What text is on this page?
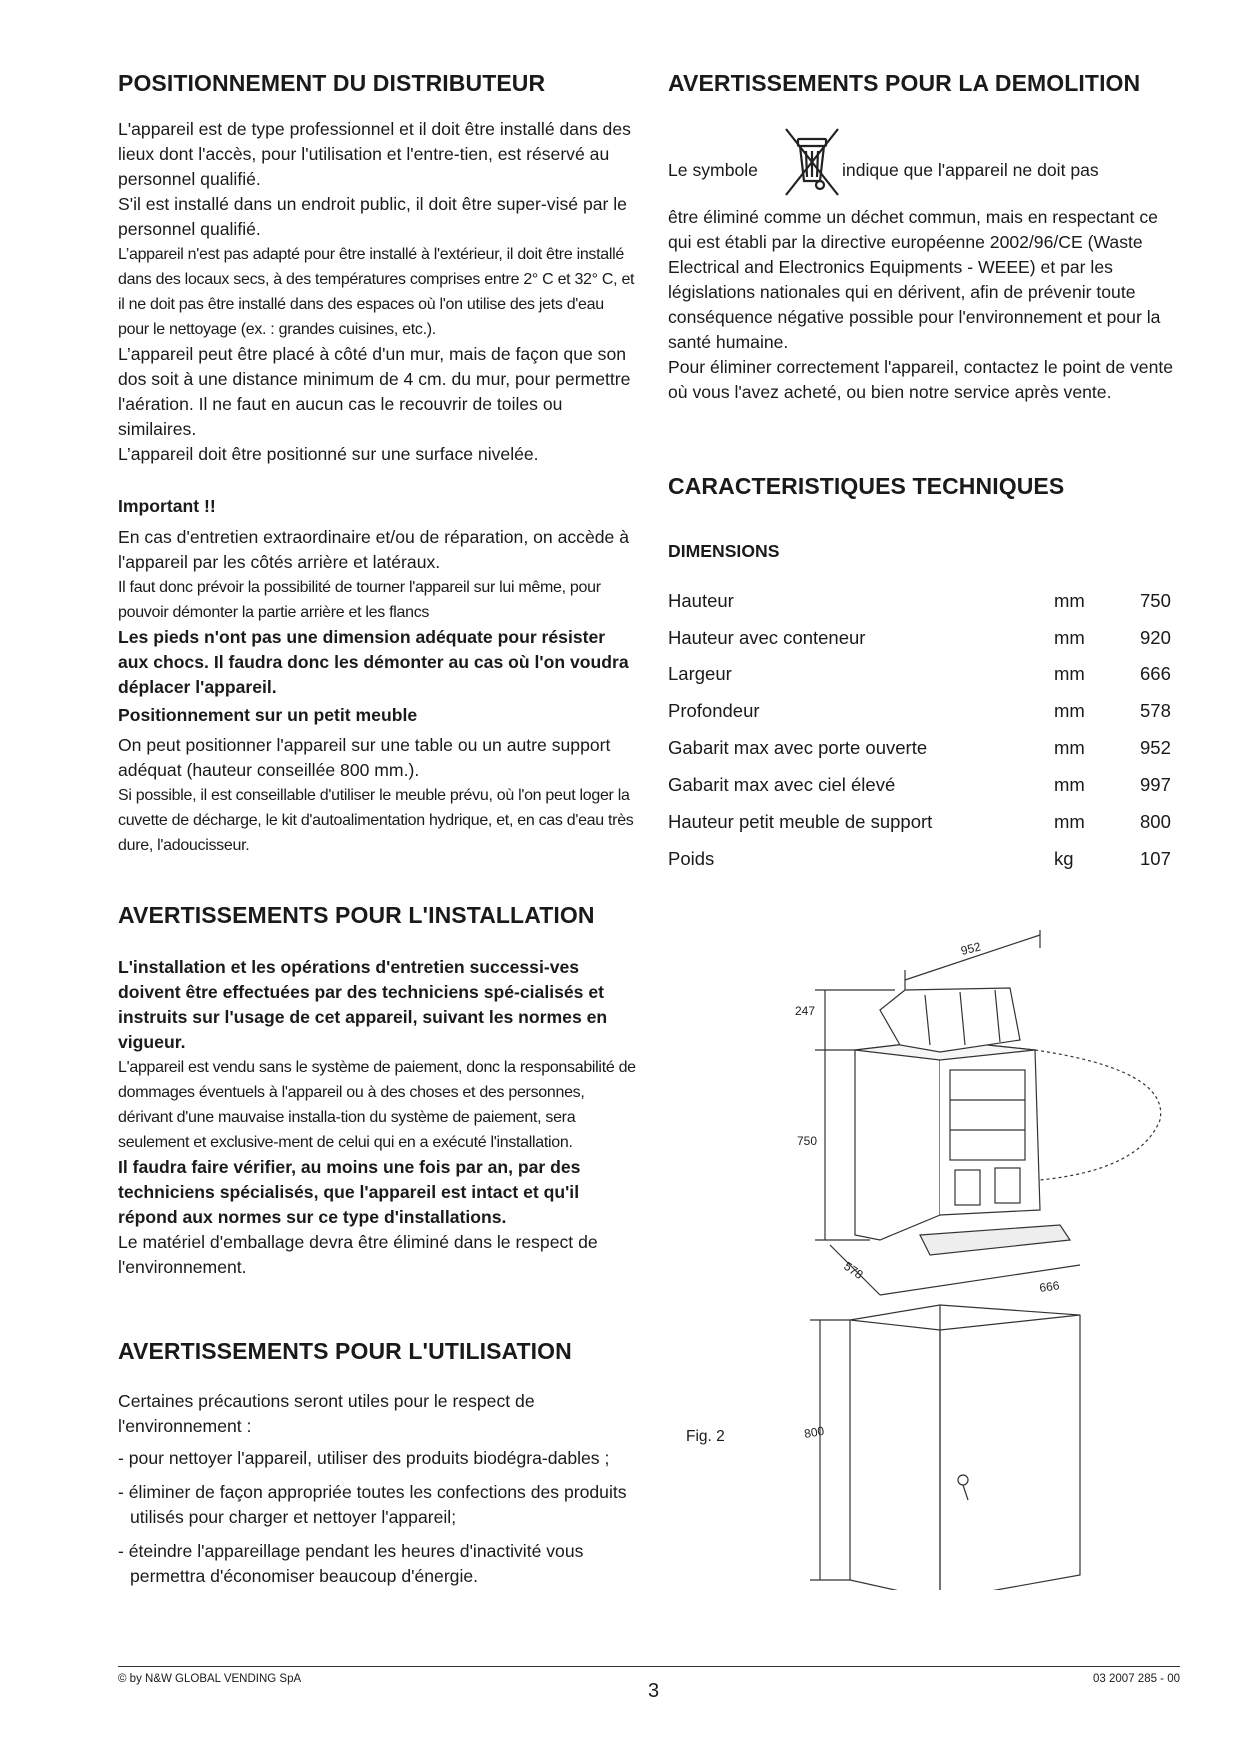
POSITIONNEMENT DU DISTRIBUTEUR

L'appareil est de type professionnel et il doit être installé dans des lieux dont l'accès, pour l'utilisation et l'entre-tien, est réservé au personnel qualifié.

S'il est installé dans un endroit public, il doit être super-visé par le personnel qualifié.

L’appareil n'est pas adapté pour être installé à l'extérieur, il doit être installé dans des locaux secs, à des températures comprises entre 2° C et 32° C, et il ne doit pas être installé dans des espaces où l'on utilise des jets d'eau pour le nettoyage (ex. : grandes cuisines, etc.).

L’appareil peut être placé à côté d'un mur, mais de façon que son dos soit à une distance minimum de 4 cm. du mur, pour permettre l'aération. Il ne faut en aucun cas le recouvrir de toiles ou similaires.

L’appareil doit être positionné sur une surface nivelée.

Important !!

En cas d'entretien extraordinaire et/ou de réparation, on accède à l'appareil par les côtés arrière et latéraux.

Il faut donc prévoir la possibilité de tourner l'appareil sur lui même, pour pouvoir démonter la partie arrière et les flancs

Les pieds n'ont pas une dimension adéquate pour résister aux chocs. Il faudra donc les démonter au cas où l'on voudra déplacer l'appareil.

Positionnement sur un petit meuble

On peut positionner l'appareil sur une table ou un autre support adéquat (hauteur conseillée 800 mm.).

Si possible, il est conseillable d'utiliser le meuble prévu, où l'on peut loger la cuvette de décharge, le kit d'autoalimentation hydrique, et, en cas d'eau très dure, l'adoucisseur.

AVERTISSEMENTS POUR L'INSTALLATION

L'installation et les opérations d'entretien successi-ves doivent être effectuées par des techniciens spé-cialisés et instruits sur l'usage de cet appareil, suivant les normes en vigueur.

L'appareil est vendu sans le système de paiement, donc la responsabilité de dommages éventuels à l'appareil ou à des choses et des personnes, dérivant d'une mauvaise installa-tion du système de paiement, sera seulement et exclusive-ment de celui qui en a exécuté l'installation.

Il faudra faire vérifier, au moins une fois par an, par des techniciens spécialisés, que l'appareil est intact et qu'il répond aux normes sur ce type d'installations.

Le matériel d'emballage devra être éliminé dans le respect de l'environnement.

AVERTISSEMENTS POUR L'UTILISATION

Certaines précautions seront utiles pour le respect de l'environnement :

- pour nettoyer l'appareil, utiliser des produits biodégra-dables ;

- éliminer de façon appropriée toutes les confections des produits utilisés pour charger et nettoyer l'appareil;

- éteindre l'appareillage pendant les heures d'inactivité vous permettra d'économiser beaucoup d'énergie.

AVERTISSEMENTS POUR LA DEMOLITION
Le symbole	indique que l'appareil ne doit pas

être éliminé comme un déchet commun, mais en respectant ce qui est établi par la directive européenne 2002/96/CE (Waste Electrical and Electronics Equipments - WEEE) et par les législations nationales qui en dérivent, afin de prévenir toute conséquence négative possible pour l'environnement et pour la santé humaine.

Pour éliminer correctement l'appareil, contactez le point de vente où vous l'avez acheté, ou bien notre service après vente.

CARACTERISTIQUES TECHNIQUES
DIMENSIONS
Hauteur	mm	750
Hauteur avec conteneur	mm	920
Largeur	mm	666
Profondeur	mm	578
Gabarit max avec porte ouverte	mm	952
Gabarit max avec ciel élevé	mm	997
Hauteur petit meuble de support	mm	800
Poids	kg	107
Fig. 2
952
247
750
578
666
800
© by N&W GLOBAL VENDING SpA
3
03 2007 285 - 00
